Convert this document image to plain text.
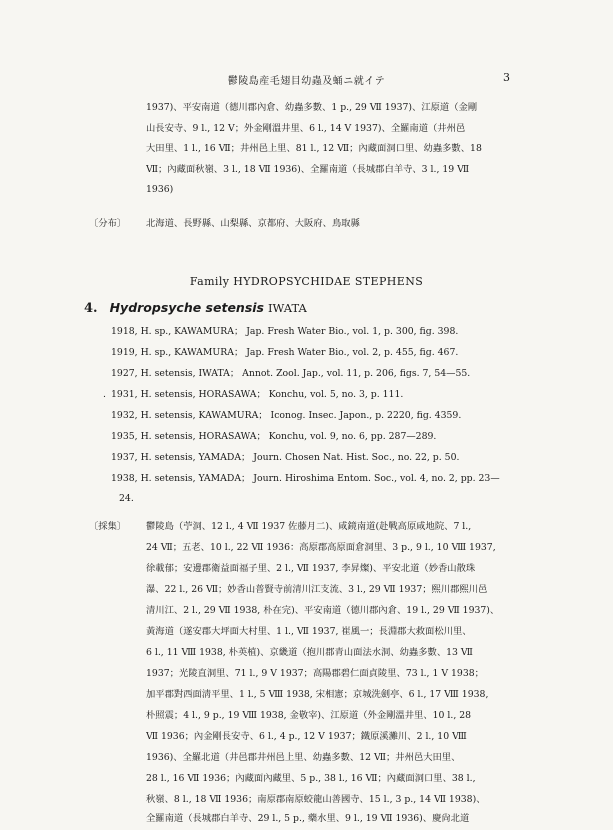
鬱陵島産毛翅目幼蟲及蛹ニ就イテ	3
1937)、平安南道（德川郡內倉、幼蟲多數、1 p., 29 Ⅶ 1937)、江原道（金剛
山長安寺、9 l., 12 Ⅴ；外金剛溫井里、6 l., 14 Ⅴ 1937)、全羅南道（井州邑
大田里、1 l., 16 Ⅶ；井州邑上里、81 l., 12 Ⅶ；內藏面洞口里、幼蟲多數、18
Ⅶ；內藏面秋嶺、3 l., 18 Ⅶ 1936)、全羅南道（長城郡白羊寺、3 l., 19 Ⅶ
1936)
〔分布〕 北海道、長野縣、山梨縣、京都府、大阪府、鳥取縣
Family HYDROPSYCHIDAE STEPHENS
4. Hydropsyche setensis IWATA
1918, H. sp., KAWAMURA； Jap. Fresh Water Bio., vol. 1, p. 300, fig. 398.
1919, H. sp., KAWAMURA； Jap. Fresh Water Bio., vol. 2, p. 455, fig. 467.
1927, H. setensis, IWATA； Annot. Zool. Jap., vol. 11, p. 206, figs. 7, 54—55.
. 1931, H. setensis, HORASAWA； Konchu, vol. 5, no. 3, p. 111.
1932, H. setensis, KAWAMURA； Iconog. Insec. Japon., p. 2220, fig. 4359.
1935, H. setensis, HORASAWA； Konchu, vol. 9, no. 6, pp. 287—289.
1937, H. setensis, YAMADA； Journ. Chosen Nat. Hist. Soc., no. 22, p. 50.
1938, H. setensis, YAMADA； Journ. Hiroshima Entom. Soc., vol. 4, no. 2, pp. 23—
24.
〔採集〕 鬱陵島（苧洞、12 l., 4 Ⅶ 1937 佐藤月二)、咸鏡南道(赴戰高原咸地院、7 l.,
24 Ⅶ；五老、10 l., 22 Ⅶ 1936：高原郡高原面倉洞里、3 p., 9 l., 10 Ⅷ 1937,
徐載郁；安邊郡衛益面福子里、2 l., Ⅶ 1937, 李昇燦)、平安北道（妙香山散珠
瀑、22 l., 26 Ⅶ；妙香山普賢寺前清川江支流、3 l., 29 Ⅶ 1937；熙川郡熙川邑
清川江、2 l., 29 Ⅶ 1938, 朴在完)、平安南道（德川郡內倉、19 l., 29 Ⅶ 1937)、
黃海道（遂安郡大坪面大村里、1 l., Ⅶ 1937, 崔風一；長淵郡大救面松川里、
6 l., 11 Ⅷ 1938, 朴英植)、京畿道（抱川郡青山面法水洞、幼蟲多數、13 Ⅶ
1937；光陵直洞里、71 l., 9 Ⅴ 1937；高陽郡碧仁面貞陵里、73 l., 1 Ⅴ 1938；
加平郡對西面淸平里、1 l., 5 Ⅷ 1938, 宋相憲；京城洗劍亭、6 l., 17 Ⅷ 1938,
朴照震；4 l., 9 p., 19 Ⅷ 1938, 金敬宰)、江原道（外金剛溫井里、10 l., 28
Ⅶ 1936；內金剛長安寺、6 l., 4 p., 12 Ⅴ 1937；鐵原溪灘川、2 l., 10 Ⅷ
1936)、全羅北道（井邑郡井州邑上里、幼蟲多數、12 Ⅶ；井州邑大田里、
28 l., 16 Ⅶ 1936；內藏面內藏里、5 p., 38 l., 16 Ⅶ；內藏面洞口里、38 l.,
秋嶺、8 l., 18 Ⅶ 1936；南原郡南原蛟龍山善國寺、15 l., 3 p., 14 Ⅶ 1938)、
全羅南道（長城郡白羊寺、29 l., 5 p., 藥水里、9 l., 19 Ⅶ 1936)、慶尙北道
